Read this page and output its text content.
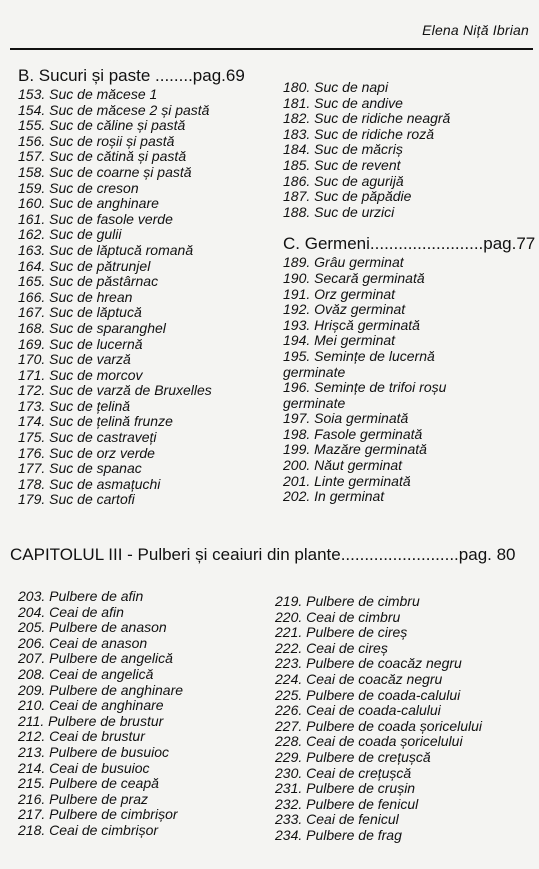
Elena Niță Ibrian
B. Sucuri și paste ........pag.69
153. Suc de măcese 1
154. Suc de măcese 2 și pastă
155. Suc de căline și pastă
156. Suc de roșii și pastă
157. Suc de cătină și pastă
158. Suc de coarne și pastă
159. Suc de creson
160. Suc de anghinare
161. Suc de fasole verde
162. Suc de gulii
163. Suc de lăptucă romană
164. Suc de pătrunjel
165. Suc de păstârnac
166. Suc de hrean
167. Suc de lăptucă
168. Suc de sparanghel
169. Suc de lucernă
170. Suc de varză
171. Suc de morcov
172. Suc de varză de Bruxelles
173. Suc de țelină
174. Suc de țelină frunze
175. Suc de castraveți
176. Suc de orz verde
177. Suc de spanac
178. Suc de asmațuchi
179. Suc de cartofi
180. Suc de napi
181. Suc de andive
182. Suc de ridiche neagră
183. Suc de ridiche roză
184. Suc de măcriș
185. Suc de revent
186. Suc de agurijă
187. Suc de păpădie
188. Suc de urzici
C. Germeni........................pag.77
189. Grâu germinat
190. Secară germinată
191. Orz germinat
192. Ovăz germinat
193. Hrișcă germinată
194. Mei germinat
195. Semințe de lucernă germinate
196. Semințe de trifoi roșu germinate
197. Soia germinată
198. Fasole germinată
199. Mazăre germinată
200. Năut germinat
201. Linte germinată
202. In germinat
CAPITOLUL III - Pulberi și ceaiuri din plante.........................pag. 80
203. Pulbere de afin
204. Ceai de afin
205. Pulbere de anason
206. Ceai de anason
207. Pulbere de angelică
208. Ceai de angelică
209. Pulbere de anghinare
210. Ceai de anghinare
211. Pulbere de brustur
212. Ceai de brustur
213. Pulbere de busuioc
214. Ceai de busuioc
215. Pulbere de ceapă
216. Pulbere de praz
217. Pulbere de cimbrișor
218. Ceai de cimbrișor
219. Pulbere de cimbru
220. Ceai de cimbru
221. Pulbere de cireș
222. Ceai de cireș
223. Pulbere de coacăz negru
224. Ceai de coacăz negru
225. Pulbere de coada-calului
226. Ceai de coada-calului
227. Pulbere de coada șoricelului
228. Ceai de coada șoricelului
229. Pulbere de crețușcă
230. Ceai de crețușcă
231. Pulbere de crușin
232. Pulbere de fenicul
233. Ceai de fenicul
234. Pulbere de frag
